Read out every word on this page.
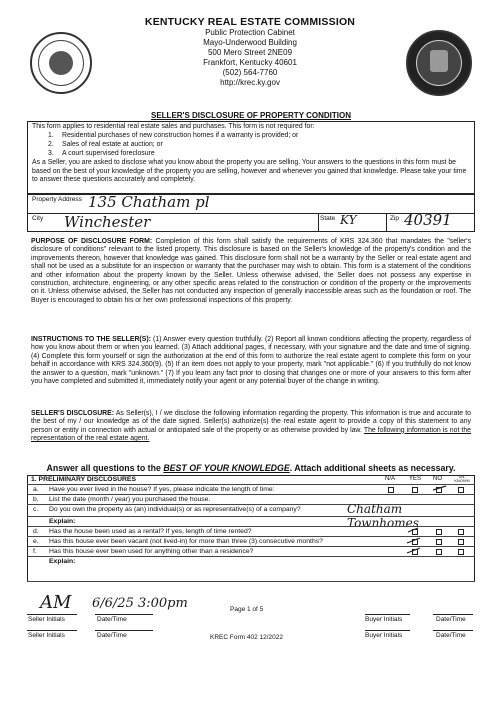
KENTUCKY REAL ESTATE COMMISSION
Public Protection Cabinet
Mayo-Underwood Building
500 Mero Street 2NE09
Frankfort, Kentucky 40601
(502) 564-7760
http://krec.ky.gov
SELLER'S DISCLOSURE OF PROPERTY CONDITION
This form applies to residential real estate sales and purchases. This form is not required for:
1. Residential purchases of new construction homes if a warranty is provided; or
2. Sales of real estate at auction; or
3. A court supervised foreclosure
As a Seller, you are asked to disclose what you know about the property you are selling. Your answers to the questions in this form must be based on the best of your knowledge of the property you are selling, however and whenever you gained that knowledge. Please take your time to answer these questions accurately and completely.
Property Address 135 Chatham pl
City Winchester	State KY	Zip 40391
PURPOSE OF DISCLOSURE FORM: Completion of this form shall satisfy the requirements of KRS 324.360 that mandates the "seller's disclosure of conditions" relevant to the listed property. This disclosure is based on the Seller's knowledge of the property's condition and the improvements thereon, however that knowledge was gained. This disclosure form shall not be a warranty by the Seller or real estate agent and shall not be used as a substitute for an inspection or warranty that the purchaser may wish to obtain. This form is a statement of the conditions and other information about the property known by the Seller. Unless otherwise advised, the Seller does not possess any expertise in construction, architecture, engineering, or any other specific areas related to the construction or condition of the property or the improvements on it. Unless otherwise advised, the Seller has not conducted any inspection of generally inaccessible areas such as the foundation or roof. The Buyer is encouraged to obtain his or her own professional inspections of this property.
INSTRUCTIONS TO THE SELLER(S): (1) Answer every question truthfully. (2) Report all known conditions affecting the property, regardless of how you know about them or when you learned. (3) Attach additional pages, if necessary, with your signature and the date and time of signing. (4) Complete this form yourself or sign the authorization at the end of this form to authorize the real estate agent to complete this form on your behalf in accordance with KRS 324.360(9). (5) If an item does not apply to your property, mark "not applicable." (6) If you truthfully do not know the answer to a question, mark "unknown." (7) If you learn any fact prior to closing that changes one or more of your answers to this form after you have completed and submitted it, immediately notify your agent or any potential buyer of the change in writing.
SELLER'S DISCLOSURE: As Seller(s), I / we disclose the following information regarding the property. This information is true and accurate to the best of my / our knowledge as of the date signed. Seller(s) authorize(s) the real estate agent to provide a copy of this statement to any person or entity in connection with actual or anticipated sale of the property or as otherwise provided by law. The following information is not the representation of the real estate agent.
Answer all questions to the BEST OF YOUR KNOWLEDGE. Attach additional sheets as necessary.
1. PRELIMINARY DISCLOSURES	N/A YES NO	UN-KNOWN
a. Have you ever lived in the house? If yes, please indicate the length of time:
b. List the date (month / year) you purchased the house.
c. Do you own the property as (an) individual(s) or as representative(s) of a company?	Chatham Townhomes
Explain:
d. Has the house been used as a rental? If yes, length of time rented?
e. Has this house ever been vacant (not lived-in) for more than three (3) consecutive months?
f. Has this house ever been used for anything other than a residence?
Explain:
AM 6/6/25 3:00pm
Seller Initials	Date/Time
Page 1 of 5
Buyer Initials	Date/Time
Seller Initials	Date/Time	KREC Form 402 12/2022	Buyer Initials	Date/Time
